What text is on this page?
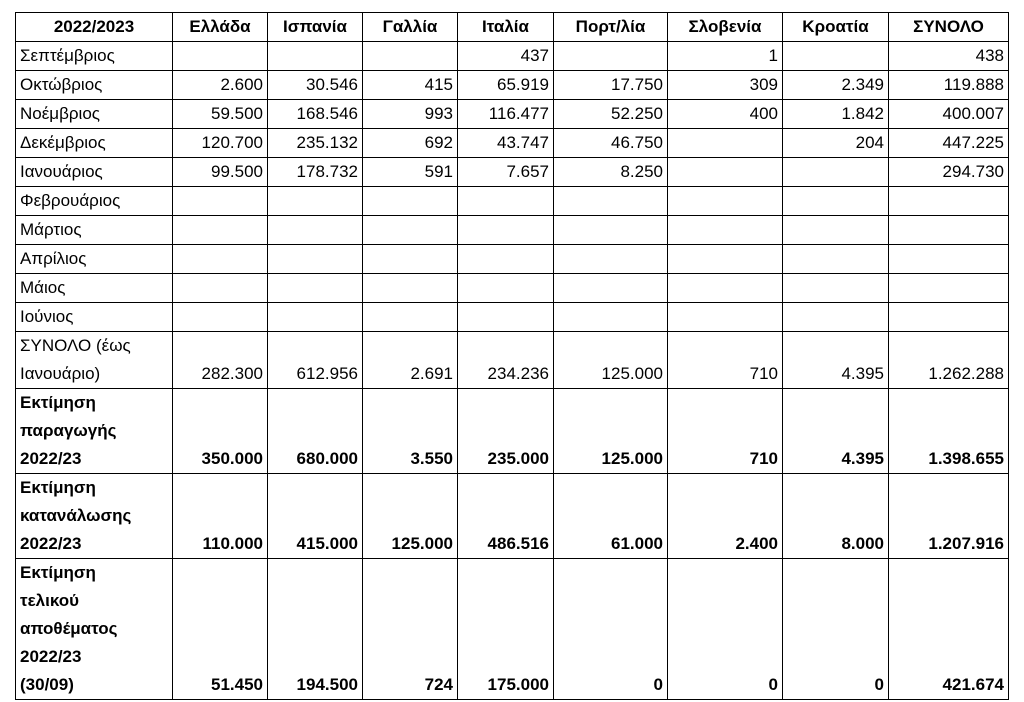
2022/2023	Ελλάδα	Ισπανία	Γαλλία	Ιταλία	Πορτ/λία	Σλοβενία	Κροατία	ΣΥΝΟΛΟ
Σεπτέμβριος				437		1		438
Οκτώβριος	2.600	30.546	415	65.919	17.750	309	2.349	119.888
Νοέμβριος	59.500	168.546	993	116.477	52.250	400	1.842	400.007
Δεκέμβριος	120.700	235.132	692	43.747	46.750		204	447.225
Ιανουάριος	99.500	178.732	591	7.657	8.250			294.730
Φεβρουάριος								
Μάρτιος								
Απρίλιος								
Μάιος								
Ιούνιος								
ΣΥΝΟΛΟ (έως
Ιανουάριο)	282.300	612.956	2.691	234.236	125.000	710	4.395	1.262.288
Εκτίμηση
παραγωγής
2022/23	350.000	680.000	3.550	235.000	125.000	710	4.395	1.398.655
Εκτίμηση
κατανάλωσης
2022/23	110.000	415.000	125.000	486.516	61.000	2.400	8.000	1.207.916
Εκτίμηση
τελικού
αποθέματος
2022/23
(30/09)	51.450	194.500	724	175.000	0	0	0	421.674
